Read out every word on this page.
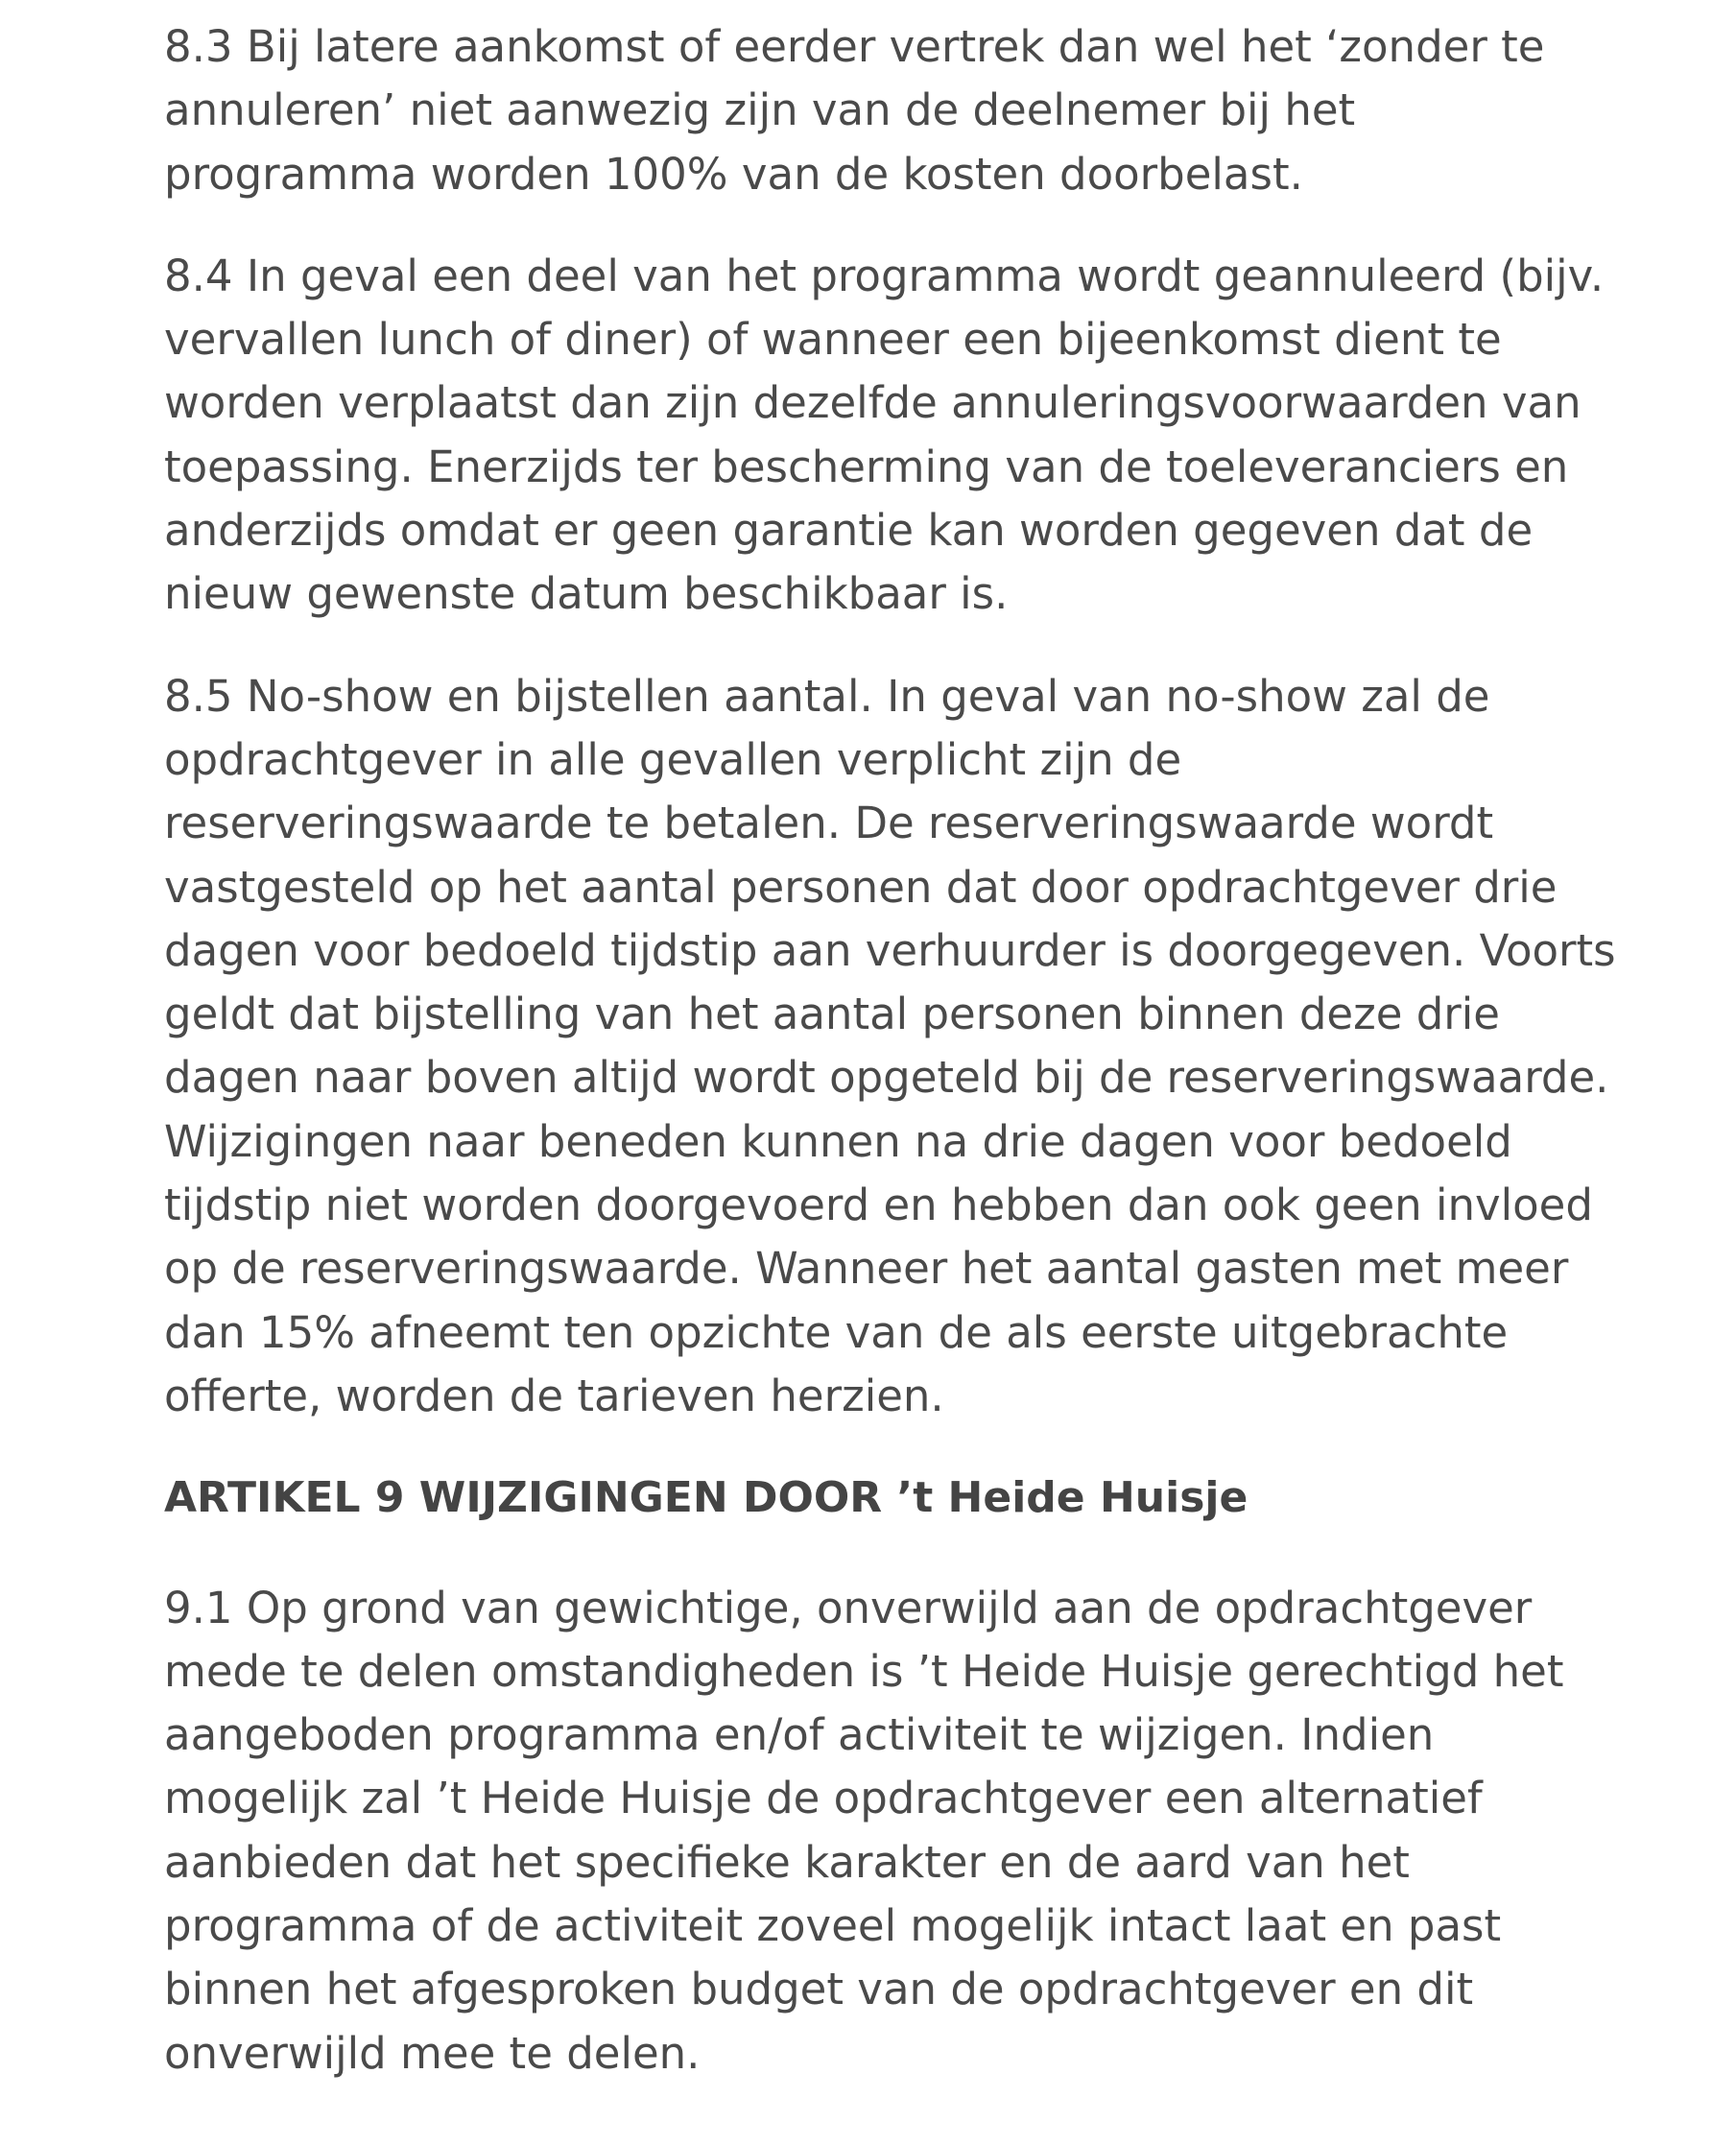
8.3 Bij latere aankomst of eerder vertrek dan wel het ‘zonder te
annuleren’ niet aanwezig zijn van de deelnemer bij het
programma worden 100% van de kosten doorbelast.

8.4 In geval een deel van het programma wordt geannuleerd (bijv.
vervallen lunch of diner) of wanneer een bijeenkomst dient te
worden verplaatst dan zijn dezelfde annuleringsvoorwaarden van
toepassing. Enerzijds ter bescherming van de toeleveranciers en
anderzijds omdat er geen garantie kan worden gegeven dat de
nieuw gewenste datum beschikbaar is.

8.5 No-show en bijstellen aantal. In geval van no-show zal de
opdrachtgever in alle gevallen verplicht zijn de
reserveringswaarde te betalen. De reserveringswaarde wordt
vastgesteld op het aantal personen dat door opdrachtgever drie
dagen voor bedoeld tijdstip aan verhuurder is doorgegeven. Voorts
geldt dat bijstelling van het aantal personen binnen deze drie
dagen naar boven altijd wordt opgeteld bij de reserveringswaarde.
Wijzigingen naar beneden kunnen na drie dagen voor bedoeld
tijdstip niet worden doorgevoerd en hebben dan ook geen invloed
op de reserveringswaarde. Wanneer het aantal gasten met meer
dan 15% afneemt ten opzichte van de als eerste uitgebrachte
offerte, worden de tarieven herzien.

ARTIKEL 9 WIJZIGINGEN DOOR ’t Heide Huisje

9.1 Op grond van gewichtige, onverwijld aan de opdrachtgever
mede te delen omstandigheden is ’t Heide Huisje gerechtigd het
aangeboden programma en/of activiteit te wijzigen. Indien
mogelijk zal ’t Heide Huisje de opdrachtgever een alternatief
aanbieden dat het specifieke karakter en de aard van het
programma of de activiteit zoveel mogelijk intact laat en past
binnen het afgesproken budget van de opdrachtgever en dit
onverwijld mee te delen.
